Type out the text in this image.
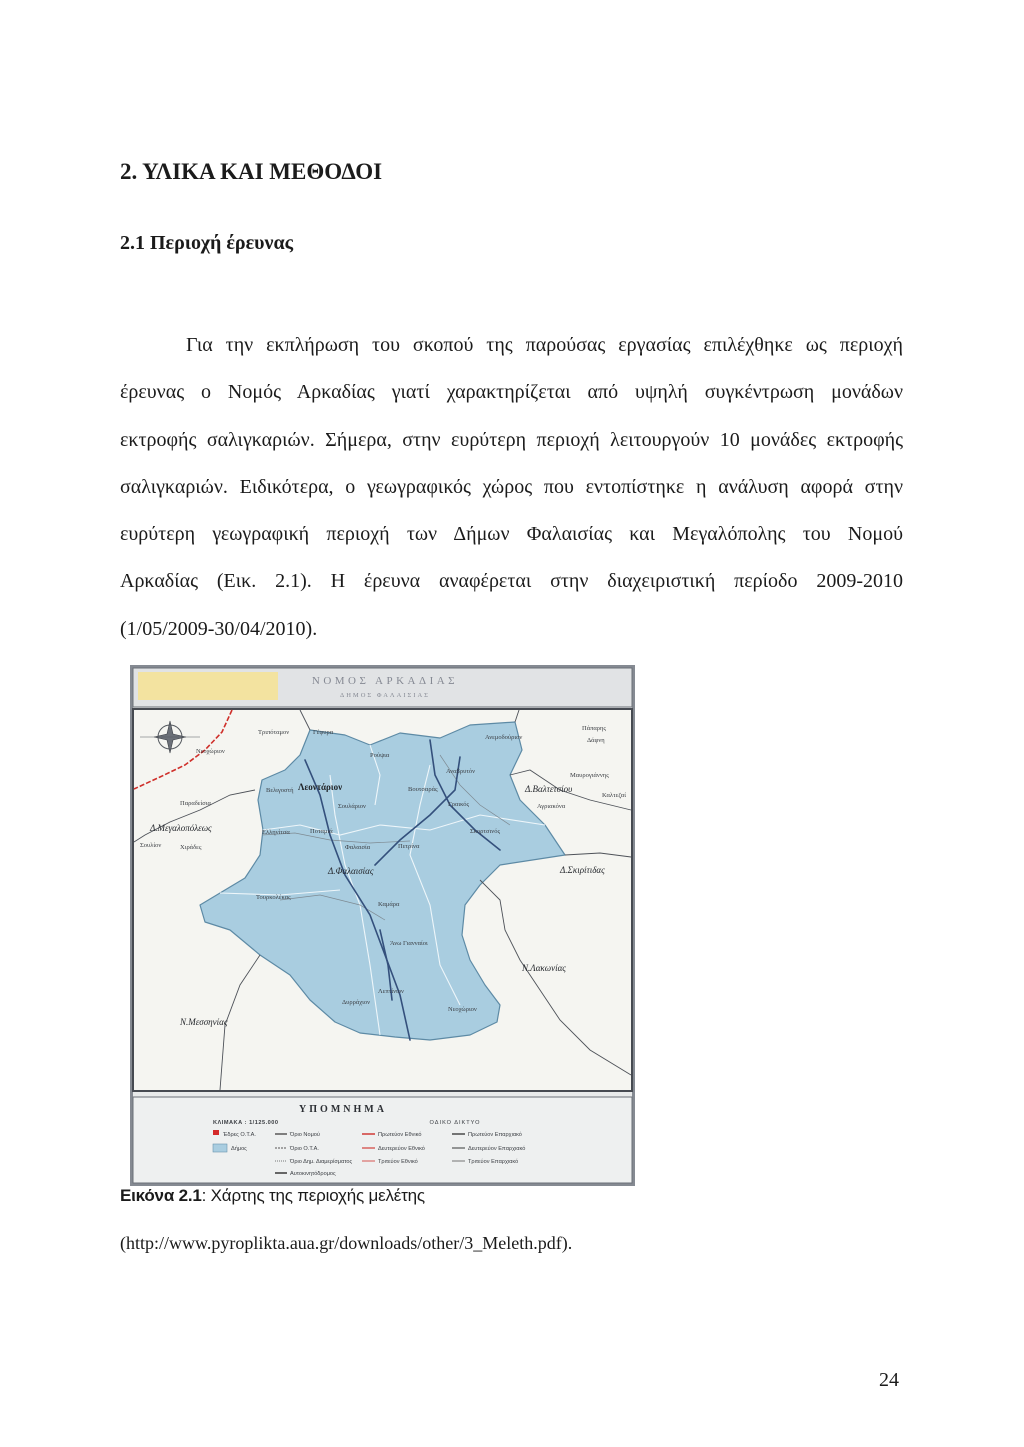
2. ΥΛΙΚΑ ΚΑΙ ΜΕΘΟΔΟΙ
2.1 Περιοχή έρευνας
Για την εκπλήρωση του σκοπού της παρούσας εργασίας επιλέχθηκε ως περιοχή
έρευνας ο Νομός Αρκαδίας γιατί χαρακτηρίζεται από υψηλή συγκέντρωση μονάδων
εκτροφής σαλιγκαριών. Σήμερα, στην ευρύτερη περιοχή λειτουργούν 10 μονάδες εκτροφής
σαλιγκαριών. Ειδικότερα, ο γεωγραφικός χώρος που εντοπίστηκε η ανάλυση αφορά στην
ευρύτερη γεωγραφική περιοχή των Δήμων Φαλαισίας και Μεγαλόπολης του Νομού
Αρκαδίας (Εικ. 2.1). Η έρευνα αναφέρεται στην διαχειριστική περίοδο 2009-2010
(1/05/2009-30/04/2010).
ΝΟΜΟΣ ΑΡΚΑΔΙΑΣ
ΔΗΜΟΣ ΦΑΛΑΙΣΙΑΣ
Τριπόταμον	Γέφυρα
Ανεμοδούριον
Πάπαρης
Δάφνη
Νεοχώριον
Ρούψια
Αναβρυτόν
Μαυρογιάννης
Βελιγοστή Λεοντάριον	Βουτσαράς	Δ.Βαλτετσίου
Καλτεζαί
Παραδείσια	Σουλάριον	Γραικός	Αγριακόνα
Δ.Μεγαλοπόλεως	Ελληνίτσα	Ποταμιά	Σκορτσινός
Σουλίον	Χιράδες	Φαλαισία	Πετρίνα
Δ.Φαλαισίας	Δ.Σκιρίτιδας
Τουρκολέκας
Καμάρα
Άνω Γιανναίοι
Ν.Λακωνίας
Λεπτίνιον
Δυρράχιον
Νεοχώριον
Ν.Μεσσηνίας
ΥΠΟΜΝΗΜΑ
ΚΛΙΜΑΚΑ : 1/125.000	ΟΔΙΚΟ ΔΙΚΤΥΟ
Έδρες Ο.Τ.Α.	Όριο Νομού	Πρωτεύον Εθνικό	Πρωτεύον Επαρχιακό
Δήμος	Όριο Ο.Τ.Α.	Δευτερεύον Εθνικό	Δευτερεύον Επαρχιακό
Όριο Δημ. Διαμερίσματος	Τριτεύον Εθνικό	Τριτεύον Επαρχιακό
Αυτοκινητόδρομος
Εικόνα 2.1: Χάρτης της περιοχής μελέτης
(http://www.pyroplikta.aua.gr/downloads/other/3_Meleth.pdf).
24
